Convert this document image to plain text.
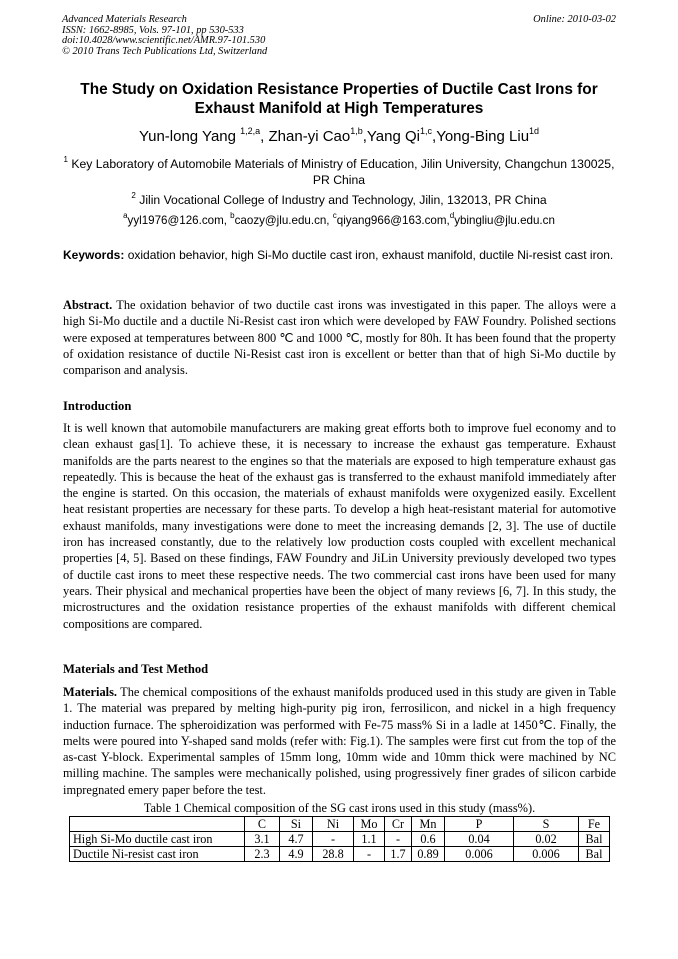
Advanced Materials Research
ISSN: 1662-8985, Vols. 97-101, pp 530-533
doi:10.4028/www.scientific.net/AMR.97-101.530
© 2010 Trans Tech Publications Ltd, Switzerland
Online: 2010-03-02
The Study on Oxidation Resistance Properties of Ductile Cast Irons for
Exhaust Manifold at High Temperatures
Yun-long Yang $^{1,2,a}$, Zhan-yi Cao$^{1,b}$,Yang Qi$^{1,c}$,Yong-Bing Liu$^{1d}$
$^1$ Key Laboratory of Automobile Materials of Ministry of Education, Jilin University, Changchun 130025, PR China
$^2$ Jilin Vocational College of Industry and Technology, Jilin, 132013, PR China
$^a$yyl1976@126.com, $^b$caozy@jlu.edu.cn, $^c$qiyang966@163.com,$^d$ybingliu@jlu.edu.cn
Keywords: oxidation behavior, high Si-Mo ductile cast iron, exhaust manifold, ductile Ni-resist cast iron.
Abstract. The oxidation behavior of two ductile cast irons was investigated in this paper. The alloys were a high Si-Mo ductile and a ductile Ni-Resist cast iron which were developed by FAW Foundry. Polished sections were exposed at temperatures between 800 ℃ and 1000 ℃, mostly for 80h. It has been found that the property of oxidation resistance of ductile Ni-Resist cast iron is excellent or better than that of high Si-Mo ductile by comparison and analysis.
Introduction
It is well known that automobile manufacturers are making great efforts both to improve fuel economy and to clean exhaust gas[1]. To achieve these, it is necessary to increase the exhaust gas temperature. Exhaust manifolds are the parts nearest to the engines so that the materials are exposed to high temperature exhaust gas repeatedly. This is because the heat of the exhaust gas is transferred to the exhaust manifold immediately after the engine is started. On this occasion, the materials of exhaust manifolds were oxygenized easily. Excellent heat resistant properties are necessary for these parts. To develop a high heat-resistant material for automotive exhaust manifolds, many investigations were done to meet the increasing demands [2, 3]. The use of ductile iron has increased constantly, due to the relatively low production costs coupled with excellent mechanical properties [4, 5]. Based on these findings, FAW Foundry and JiLin University previously developed two types of ductile cast irons to meet these respective needs. The two commercial cast irons have been used for many years. Their physical and mechanical properties have been the object of many reviews [6, 7]. In this study, the microstructures and the oxidation resistance properties of the exhaust manifolds with different chemical compositions are compared.
Materials and Test Method
Materials. The chemical compositions of the exhaust manifolds produced used in this study are given in Table 1. The material was prepared by melting high-purity pig iron, ferrosilicon, and nickel in a high frequency induction furnace. The spheroidization was performed with Fe-75 mass% Si in a ladle at 1450℃. Finally, the melts were poured into Y-shaped sand molds (refer with: Fig.1). The samples were first cut from the top of the as-cast Y-block. Experimental samples of 15mm long, 10mm wide and 10mm thick were machined by NC milling machine. The samples were mechanically polished, using progressively finer grades of silicon carbide impregnated emery paper before the test.
Table 1 Chemical composition of the SG cast irons used in this study (mass%).
	C	Si	Ni	Mo	Cr	Mn	P	S	Fe
High Si-Mo ductile cast iron	3.1	4.7	-	1.1	-	0.6	0.04	0.02	Bal
Ductile Ni-resist cast iron	2.3	4.9	28.8	-	1.7	0.89	0.006	0.006	Bal
